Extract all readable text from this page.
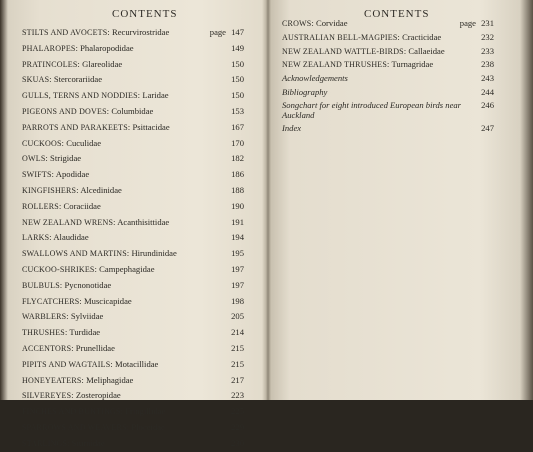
CONTENTS
STILTS AND AVOCETS: Recurvirostridae	page 147
PHALAROPES: Phalaropodidae	149
PRATINCOLES: Glareolidae	150
SKUAS: Stercorariidae	150
GULLS, TERNS AND NODDIES: Laridae	150
PIGEONS AND DOVES: Columbidae	153
PARROTS AND PARAKEETS: Psittacidae	167
CUCKOOS: Cuculidae	170
OWLS: Strigidae	182
SWIFTS: Apodidae	186
KINGFISHERS: Alcedinidae	188
ROLLERS: Coraciidae	190
NEW ZEALAND WRENS: Acanthisittidae	191
LARKS: Alaudidae	194
SWALLOWS AND MARTINS: Hirundinidae	195
CUCKOO-SHRIKES: Campephagidae	197
BULBULS: Pycnonotidae	197
FLYCATCHERS: Muscicapidae	198
WARBLERS: Sylviidae	205
THRUSHES: Turdidae	214
ACCENTORS: Prunellidae	215
PIPITS AND WAGTAILS: Motacillidae	215
HONEYEATERS: Meliphagidae	217
SILVEREYES: Zosteropidae	223
FINCHES AND BUNTINGS: Fringillidae	225
SPARROWS AND WEAVERS: Ploceidae	229
STARLINGS: Sturnidae	230
CONTENTS
CROWS: Corvidae	page 231
AUSTRALIAN BELL-MAGPIES: Cracticidae	232
NEW ZEALAND WATTLE-BIRDS: Callaeidae	233
NEW ZEALAND THRUSHES: Turnagridae	238
Acknowledgements	243
Bibliography	244
Songchart for eight introduced European birds near Auckland
246
Index	247
